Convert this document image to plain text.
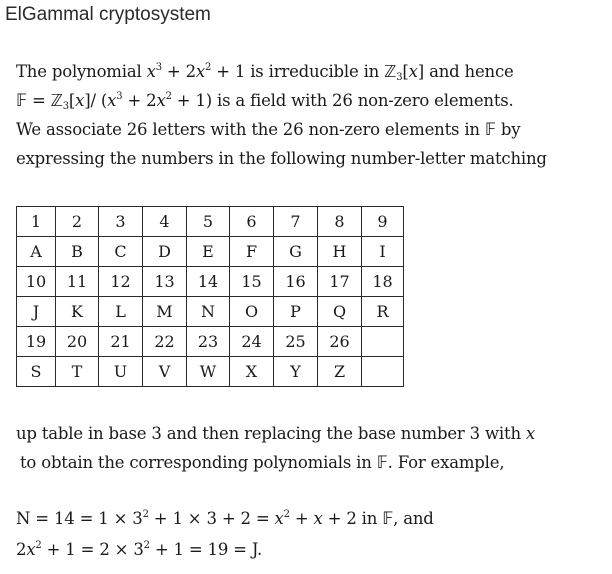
ElGammal cryptosystem
The polynomial $x^3 + 2x^2 + 1$ is irreducible in ℤ$_3$[x] and hence
𝔽 = ℤ$_3$[x]/ $(x^3 + 2x^2 + 1)$ is a field with 26 non-zero elements.
We associate 26 letters with the 26 non-zero elements in 𝔽 by
expressing the numbers in the following number-letter matching
1	2	3	4	5	6	7	8	9
A	B	C	D	E	F	G	H	I
10	11	12	13	14	15	16	17	18
J	K	L	M	N	O	P	Q	R
19	20	21	22	23	24	25	26	
S	T	U	V	W	X	Y	Z	
up table in base 3 and then replacing the base number 3 with x
to obtain the corresponding polynomials in 𝔽. For example,
$N = 14 = 1 \times 3^2 + 1 \times 3 + 2 = x^2 + x + 2$ in 𝔽, and
$2x^2 + 1 = 2 \times 3^2 + 1 = 19 = J$.
